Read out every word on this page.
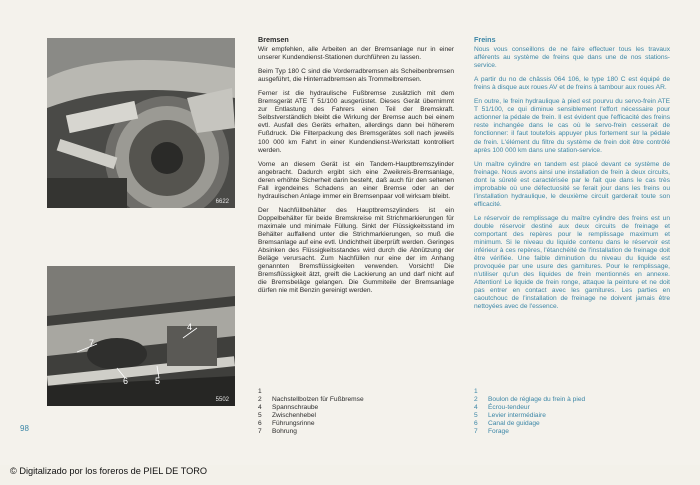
6622
7
6	5
4
5502
Bremsen

Wir empfehlen, alle Arbeiten an der Bremsanlage nur in einer unserer Kundendienst-Stationen durchführen zu lassen.

Beim Typ 180 C sind die Vorderradbremsen als Scheibenbremsen ausgeführt, die Hinterradbremsen als Trommelbremsen.

Ferner ist die hydraulische Fußbremse zusätzlich mit dem Bremsgerät ATE T 51/100 ausgerüstet. Dieses Gerät übernimmt zur Entlastung des Fahrers einen Teil der Bremskraft. Selbstverständlich bleibt die Wirkung der Bremse auch bei einem evtl. Ausfall des Geräts erhalten, allerdings dann bei höherem Fußdruck. Die Filterpackung des Bremsgerätes soll nach jeweils 100 000 km Fahrt in einer Kundendienst-Werkstatt kontrolliert werden.

Vorne an diesem Gerät ist ein Tandem-Hauptbremszylinder angebracht. Dadurch ergibt sich eine Zweikreis-Bremsanlage, deren erhöhte Sicherheit darin besteht, daß auch für den seltenen Fall irgendeines Schadens an einer Bremse oder an der hydraulischen Anlage immer ein Bremsenpaar voll wirksam bleibt.

Der Nachfüllbehälter des Hauptbremszylinders ist ein Doppelbehälter für beide Bremskreise mit Strichmarkierungen für maximale und minimale Füllung. Sinkt der Flüssigkeitsstand im Behälter auffallend unter die Strichmarkierungen, so muß die Bremsanlage auf eine evtl. Undichtheit überprüft werden. Geringes Absinken des Flüssigkeitsstandes wird durch die Abnützung der Beläge verursacht. Zum Nachfüllen nur eine der im Anhang genannten Bremsflüssigkeiten verwenden. Vorsicht! Die Bremsflüssigkeit ätzt, greift die Lackierung an und darf nicht auf die Bremsbeläge gelangen. Die Gummiteile der Bremsanlage dürfen nie mit Benzin gereinigt werden.

Freins

Nous vous conseillons de ne faire effectuer tous les travaux afférents au système de freins que dans une de nos stations-service.

A partir du no de châssis 064 106, le type 180 C est équipé de freins à disque aux roues AV et de freins à tambour aux roues AR.

En outre, le frein hydraulique à pied est pourvu du servo-frein ATE T 51/100, ce qui diminue sensiblement l'effort nécessaire pour actionner la pédale de frein. Il est évident que l'efficacité des freins reste inchangée dans le cas où le servo-frein cesserait de fonctionner: il faut toutefois appuyer plus fortement sur la pédale de frein. L'élément du filtre du système de frein doit être contrôlé après 100 000 km dans une station-service.

Un maître cylindre en tandem est placé devant ce système de freinage. Nous avons ainsi une installation de frein à deux circuits, dont la sûreté est caractérisée par le fait que dans le cas très improbable où une défectuosité se ferait jour dans les freins ou l'installation hydraulique, le deuxième circuit garderait toute son efficacité.

Le réservoir de remplissage du maître cylindre des freins est un double réservoir destiné aux deux circuits de freinage et comportant des repères pour le remplissage maximum et minimum. Si le niveau du liquide contenu dans le réservoir est inférieur à ces repères, l'étanchéité de l'installation de freinage doit être vérifiée. Une faible diminution du niveau du liquide est provoquée par une usure des garnitures. Pour le remplissage, n'utiliser qu'un des liquides de frein mentionnés en annexe. Attention! Le liquide de frein ronge, attaque la peinture et ne doit pas entrer en contact avec les garnitures. Les parties en caoutchouc de l'installation de freinage ne doivent jamais être nettoyées avec de l'essence.

1
2	Nachstellbolzen für Fußbremse
4	Spannschraube
5	Zwischenhebel
6	Führungsrinne
7	Bohrung
1
2	Boulon de réglage du frein à pied
4	Écrou-tendeur
5	Levier intermédiaire
6	Canal de guidage
7	Forage
98
© Digitalizado por los foreros de PIEL DE TORO
